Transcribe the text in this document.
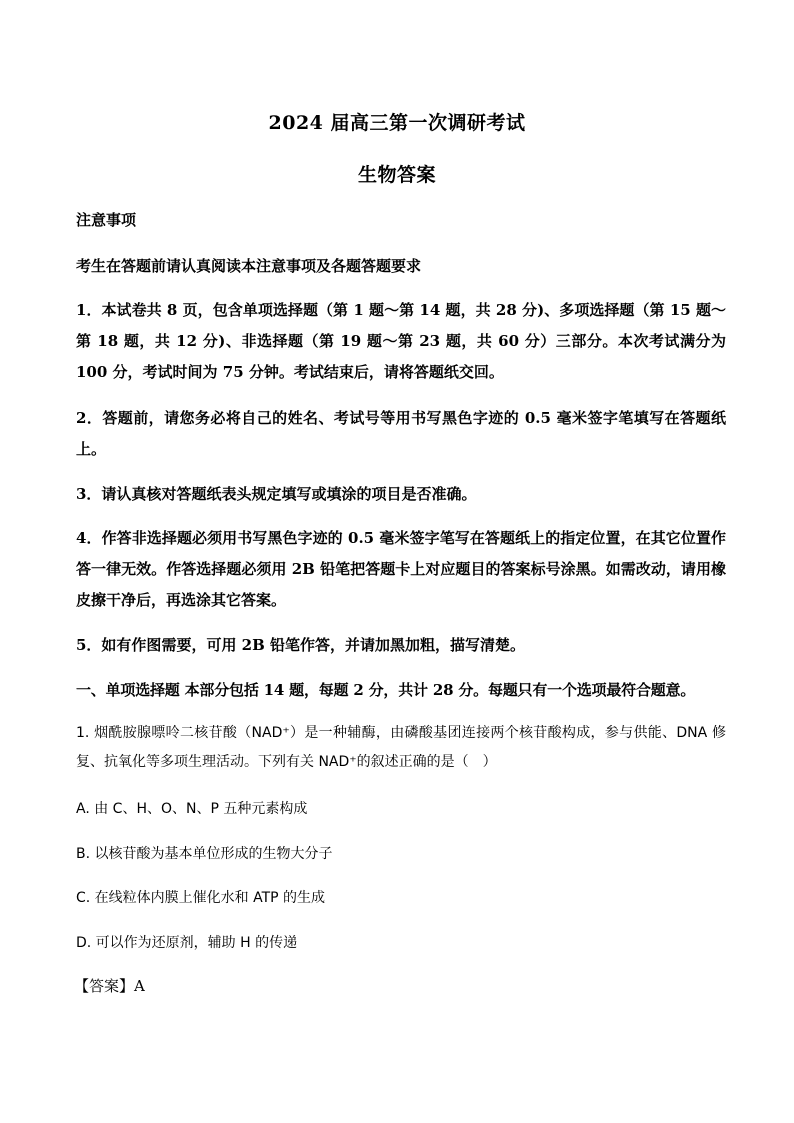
2024 届高三第一次调研考试
生物答案
注意事项
考生在答题前请认真阅读本注意事项及各题答题要求
1．本试卷共 8 页，包含单项选择题（第 1 题～第 14 题，共 28 分)、多项选择题（第 15 题～第 18 题，共 12 分)、非选择题（第 19 题～第 23 题，共 60 分）三部分。本次考试满分为 100 分，考试时间为 75 分钟。考试结束后，请将答题纸交回。
2．答题前，请您务必将自己的姓名、考试号等用书写黑色字迹的 0.5 毫米签字笔填写在答题纸上。
3．请认真核对答题纸表头规定填写或填涂的项目是否准确。
4．作答非选择题必须用书写黑色字迹的 0.5 毫米签字笔写在答题纸上的指定位置，在其它位置作答一律无效。作答选择题必须用 2B 铅笔把答题卡上对应题目的答案标号涂黑。如需改动，请用橡皮擦干净后，再选涂其它答案。
5．如有作图需要，可用 2B 铅笔作答，并请加黑加粗，描写清楚。
一、单项选择题 本部分包括 14 题，每题 2 分，共计 28 分。每题只有一个选项最符合题意。
1. 烟酰胺腺嘌呤二核苷酸（NAD⁺）是一种辅酶，由磷酸基团连接两个核苷酸构成，参与供能、DNA 修复、抗氧化等多项生理活动。下列有关 NAD⁺的叙述正确的是（　）
A. 由 C、H、O、N、P 五种元素构成
B. 以核苷酸为基本单位形成的生物大分子
C. 在线粒体内膜上催化水和 ATP 的生成
D. 可以作为还原剂，辅助 H 的传递
【答案】A
